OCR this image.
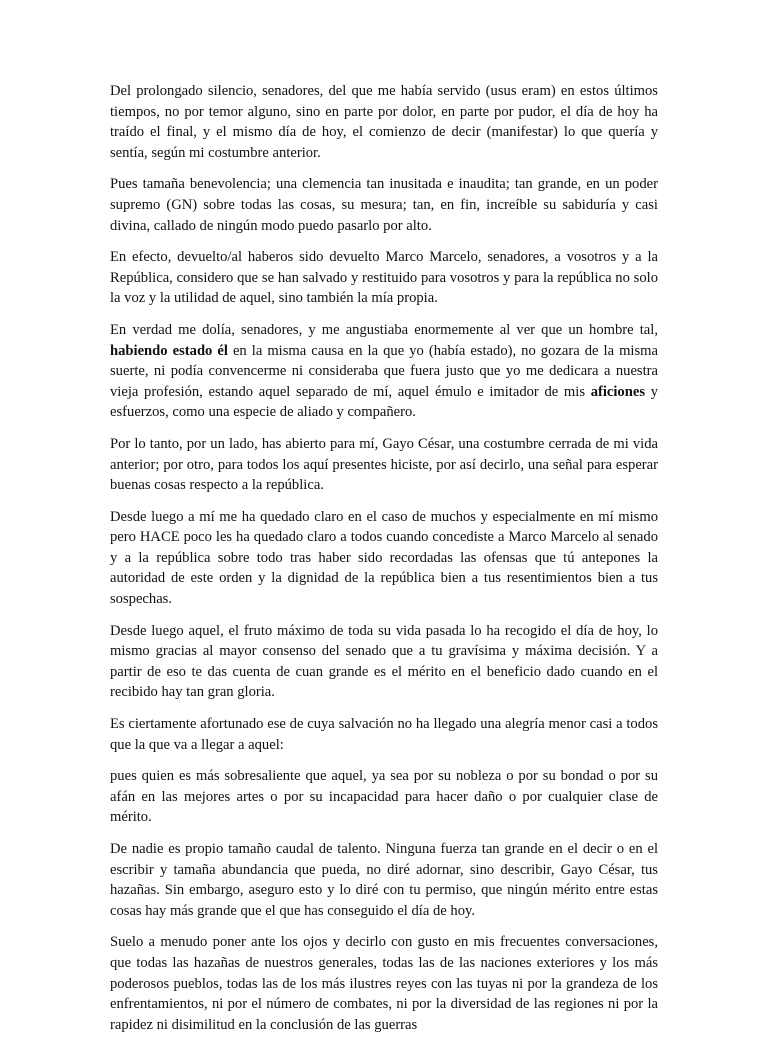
Del prolongado silencio, senadores, del que me había servido (usus eram) en estos últimos tiempos, no por temor alguno, sino en parte por dolor, en parte por pudor, el día de hoy ha traído el final, y el mismo día de hoy, el comienzo de decir (manifestar) lo que quería y sentía, según mi costumbre anterior.

Pues tamaña benevolencia; una clemencia tan inusitada e inaudita; tan grande, en un poder supremo (GN) sobre todas las cosas, su mesura; tan, en fin, increíble su sabiduría y casi divina, callado de ningún modo puedo pasarlo por alto.

En efecto, devuelto/al haberos sido devuelto Marco Marcelo, senadores, a vosotros y a la República, considero que se han salvado y restituido para vosotros y para la república no solo la voz y la utilidad de aquel, sino también la mía propia.

En verdad me dolía, senadores, y me angustiaba enormemente al ver que un hombre tal, habiendo estado él en la misma causa en la que yo (había estado), no gozara de la misma suerte, ni podía convencerme ni consideraba que fuera justo que yo me dedicara a nuestra vieja profesión, estando aquel separado de mí, aquel émulo e imitador de mis aficiones y esfuerzos, como una especie de aliado y compañero.

Por lo tanto, por un lado, has abierto para mí, Gayo César, una costumbre cerrada de mi vida anterior; por otro, para todos los aquí presentes hiciste, por así decirlo, una señal para esperar buenas cosas respecto a la república.

Desde luego a mí me ha quedado claro en el caso de muchos y especialmente en mí mismo pero HACE poco les ha quedado claro a todos cuando concediste a Marco Marcelo al senado y a la república sobre todo tras haber sido recordadas las ofensas que tú antepones la autoridad de este orden y la dignidad de la república bien a tus resentimientos bien a tus sospechas.

Desde luego aquel, el fruto máximo de toda su vida pasada lo ha recogido el día de hoy, lo mismo gracias al mayor consenso del senado que a tu gravísima y máxima decisión. Y a partir de eso te das cuenta de cuan grande es el mérito en el beneficio dado cuando en el recibido hay tan gran gloria.

Es ciertamente afortunado ese de cuya salvación no ha llegado una alegría menor casi a todos que la que va a llegar a aquel:

pues quien es más sobresaliente que aquel, ya sea por su nobleza o por su bondad o por su afán en las mejores artes o por su incapacidad para hacer daño o por cualquier clase de mérito.

De nadie es propio tamaño caudal de talento. Ninguna fuerza tan grande en el decir o en el escribir y tamaña abundancia que pueda, no diré adornar, sino describir, Gayo César, tus hazañas. Sin embargo, aseguro esto y lo diré con tu permiso, que ningún mérito entre estas cosas hay más grande que el que has conseguido el día de hoy.

Suelo a menudo poner ante los ojos y decirlo con gusto en mis frecuentes conversaciones, que todas las hazañas de nuestros generales, todas las de las naciones exteriores y los más poderosos pueblos, todas las de los más ilustres reyes con las tuyas ni por la grandeza de los enfrentamientos, ni por el número de combates, ni por la diversidad de las regiones ni por la rapidez ni disimilitud en la conclusión de las guerras
